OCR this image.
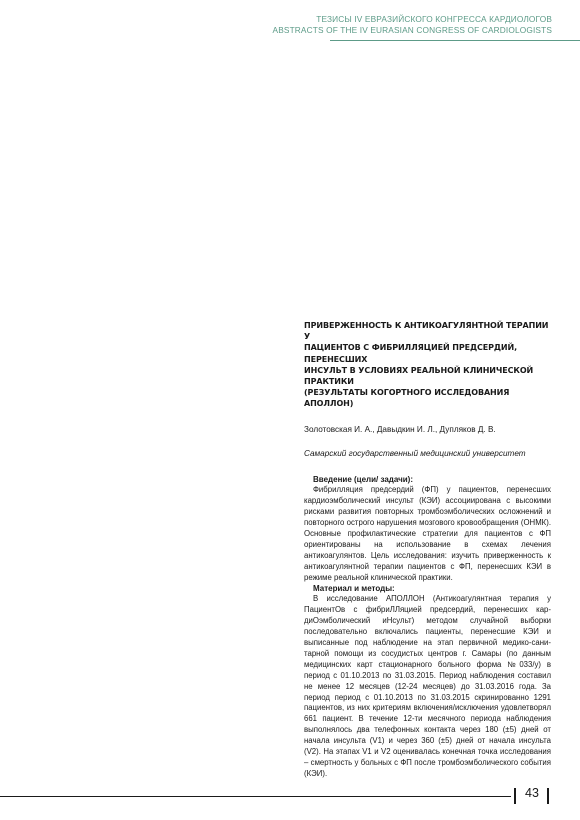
ТЕЗИСЫ IV ЕВРАЗИЙСКОГО КОНГРЕССА КАРДИОЛОГОВ
ABSTRACTS OF THE IV EURASIAN CONGRESS OF CARDIOLOGISTS
ПРИВЕРЖЕННОСТЬ К АНТИКОАГУЛЯНТНОЙ ТЕРАПИИ У
ПАЦИЕНТОВ С ФИБРИЛЛЯЦИЕЙ ПРЕДСЕРДИЙ, ПЕРЕНЕСШИХ
ИНСУЛЬТ В УСЛОВИЯХ РЕАЛЬНОЙ КЛИНИЧЕСКОЙ ПРАКТИКИ
(РЕЗУЛЬТАТЫ КОГОРТНОГО ИССЛЕДОВАНИЯ АПОЛЛОН)
Золотовская И. А., Давыдкин И. Л., Дупляков Д. В.
Самарский государственный медицинский университет

Введение (цели/ задачи):

Фибрилляция предсердий (ФП) у пациентов, перенесших кардиоэмболический инсульт (КЭИ) ассоциирована с высокими рисками развития повторных тромбоэмболических осложнений и повторного острого нарушения мозгового кровообращения (ОНМК). Основные профилактические стратегии для пациентов с ФП ориентированы на использование в схемах лечения антикоагулянтов. Цель исследования: изучить приверженность к антикоагулянтной терапии пациентов с ФП, перенесших КЭИ в режиме реальной клинической практики.

Материал и методы:

В исследование АПОЛЛОН (Антикоагулянтная терапия у ПациентОв с фибриЛЛяцией предсердий, перенесших кардиОэмболический иНсульт) методом случайной выборки последовательно включались пациенты, перенесшие КЭИ и выписанные под наблюдение на этап первичной медико-санитарной помощи из сосудистых центров г. Самары (по данным медицинских карт стационарного больного форма №033/у) в период с 01.10.2013 по 31.03.2015. Период наблюдения составил не менее 12 месяцев (12-24 месяцев) до 31.03.2016 года. За период период с 01.10.2013 по 31.03.2015 скринированно 1291 пациентов, из них критериям включения/исключения удовлетворял 661 пациент. В течение 12-ти месячного периода наблюдения выполнялось два телефонных контакта через 180 (±5) дней от начала инсульта (V1) и через 360 (±5) дней от начала инсульта (V2). На этапах V1 и V2 оценивалась конечная точка исследования – смертность у больных с ФП после тромбоэмболического события (КЭИ).

43
